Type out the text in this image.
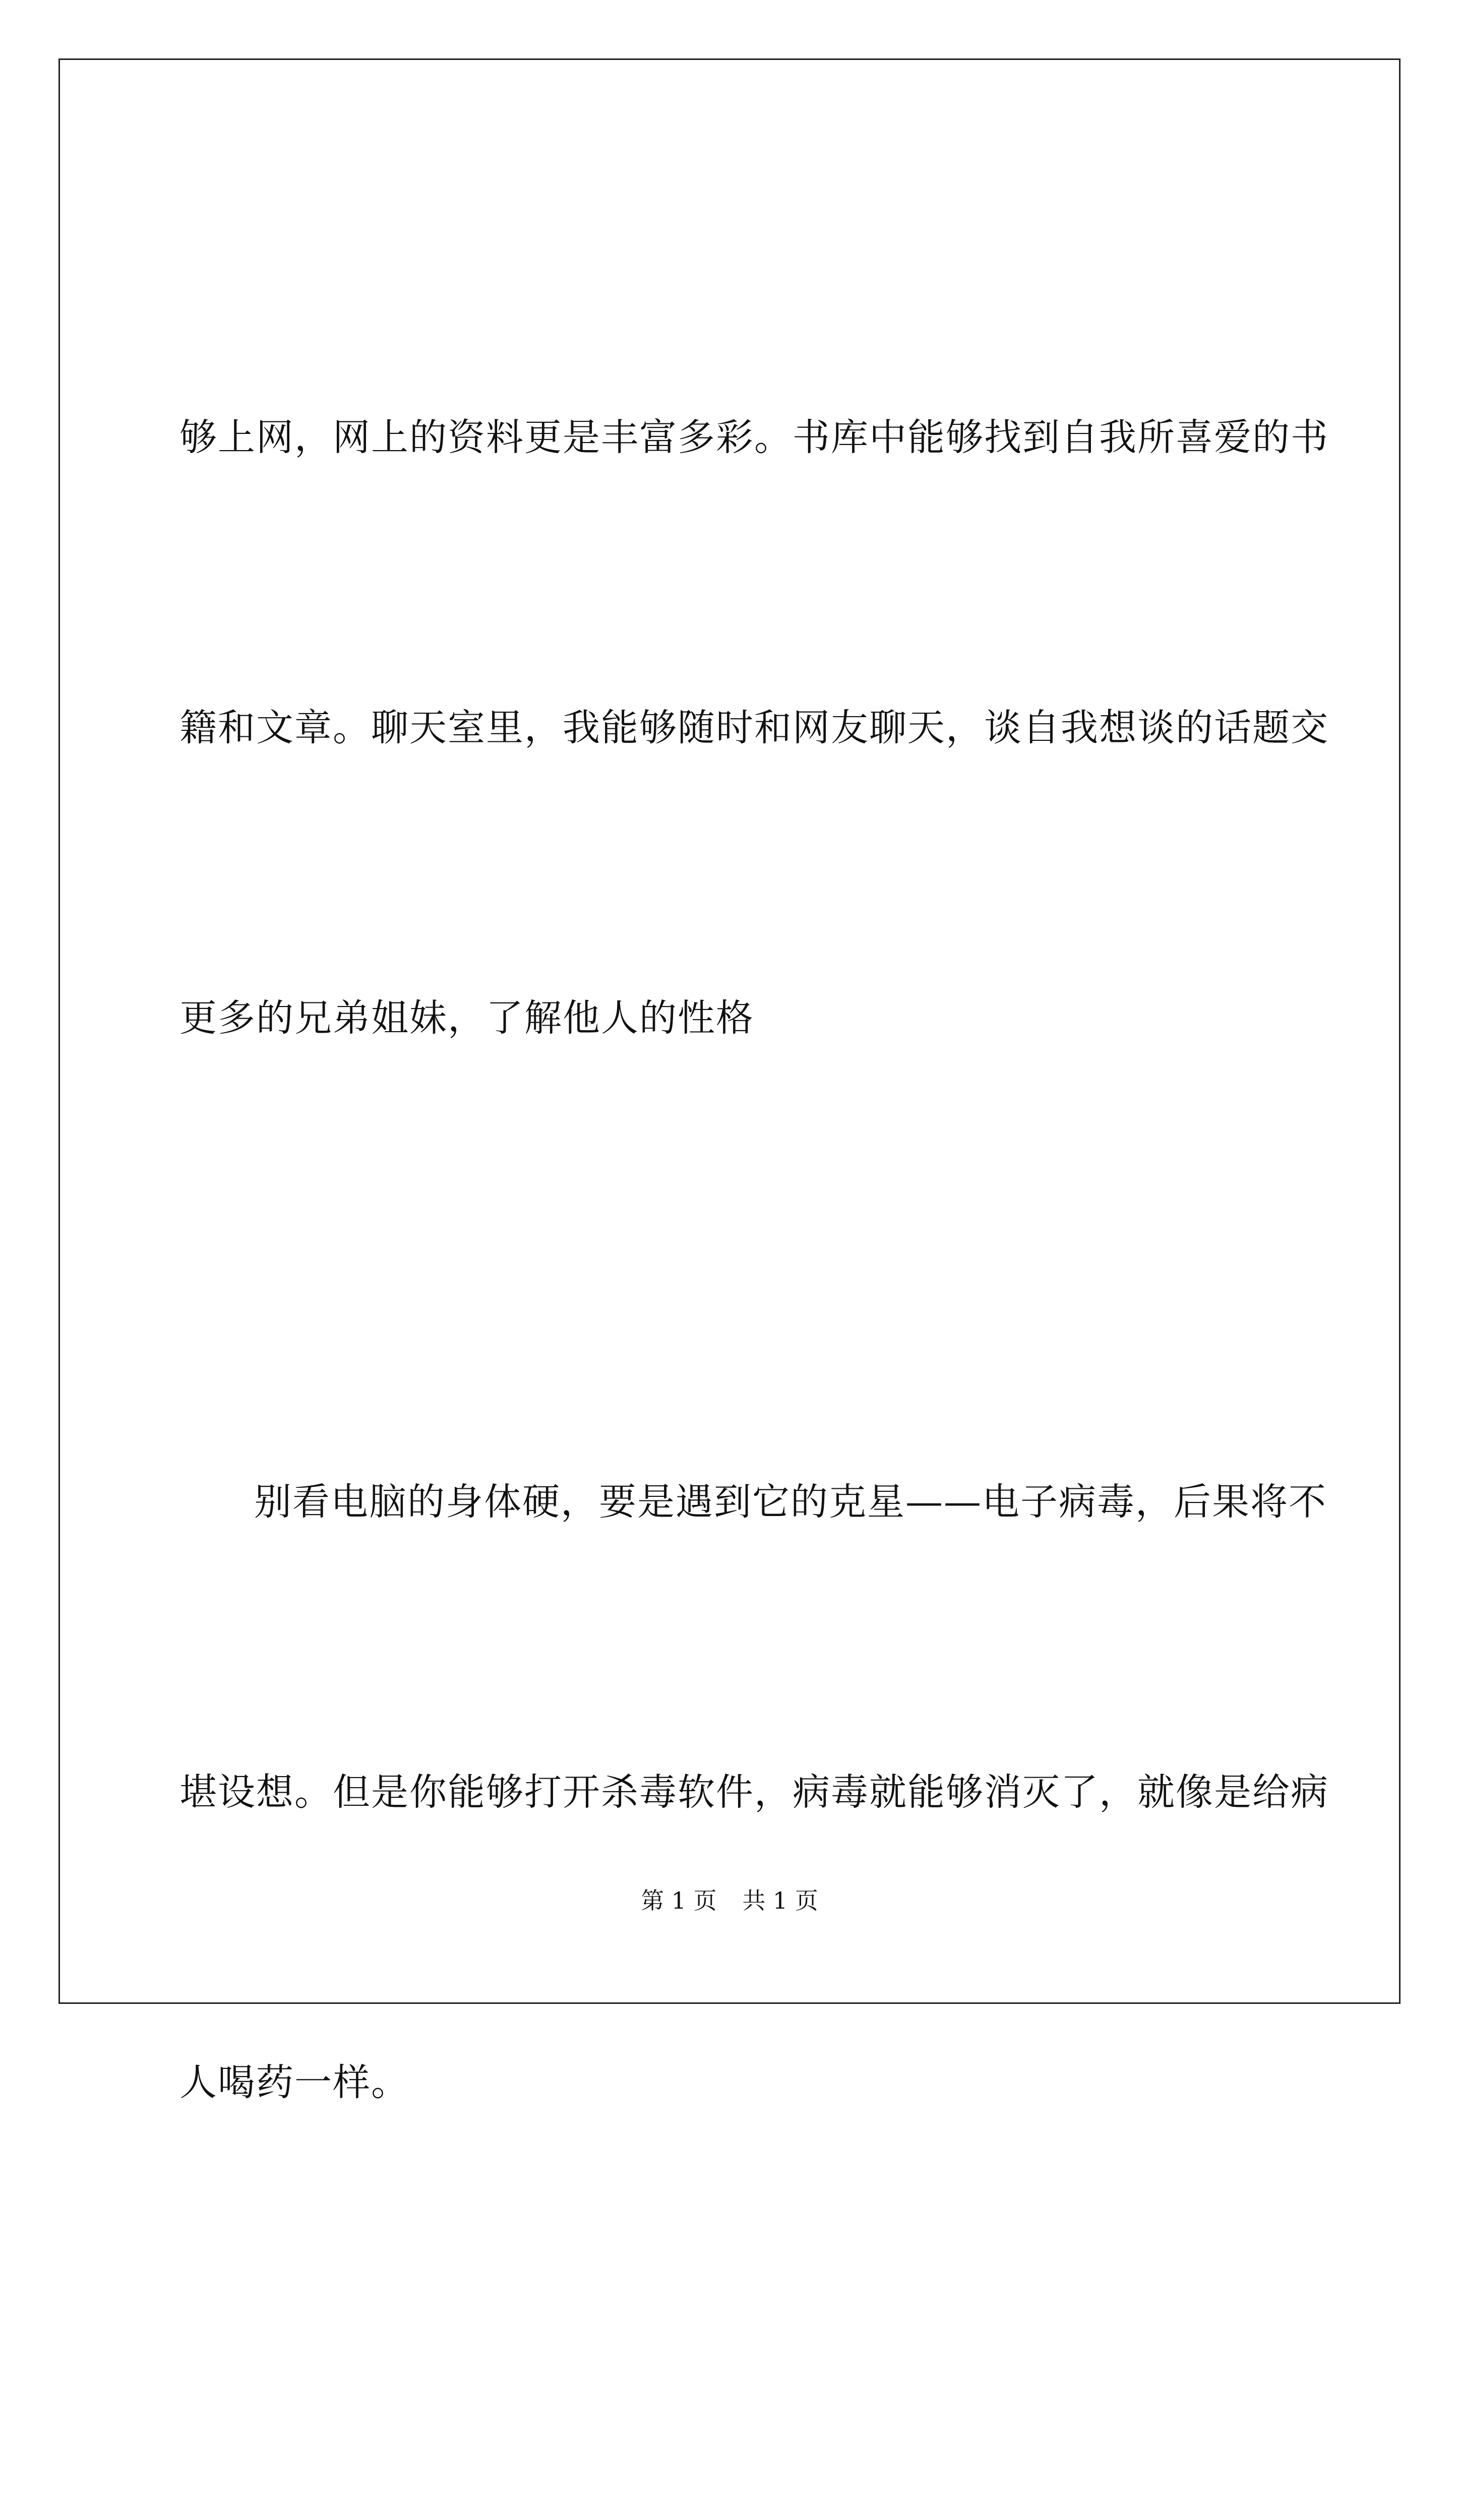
够上网，网上的资料更是丰富多彩。书库中能够找到自我所喜爱的书

籍和文章。聊天室里，我能够随时和网友聊天，谈自我想谈的话题交

更多的兄弟姐妹，了解他人的性格

别看电脑的身体硬，要是遇到它的克星——电子病毒，后果将不

堪设想。但是你能够打开杀毒软件，病毒就能够消灭了，就像是给病

人喝药一样。

第 1 页 共 1 页
